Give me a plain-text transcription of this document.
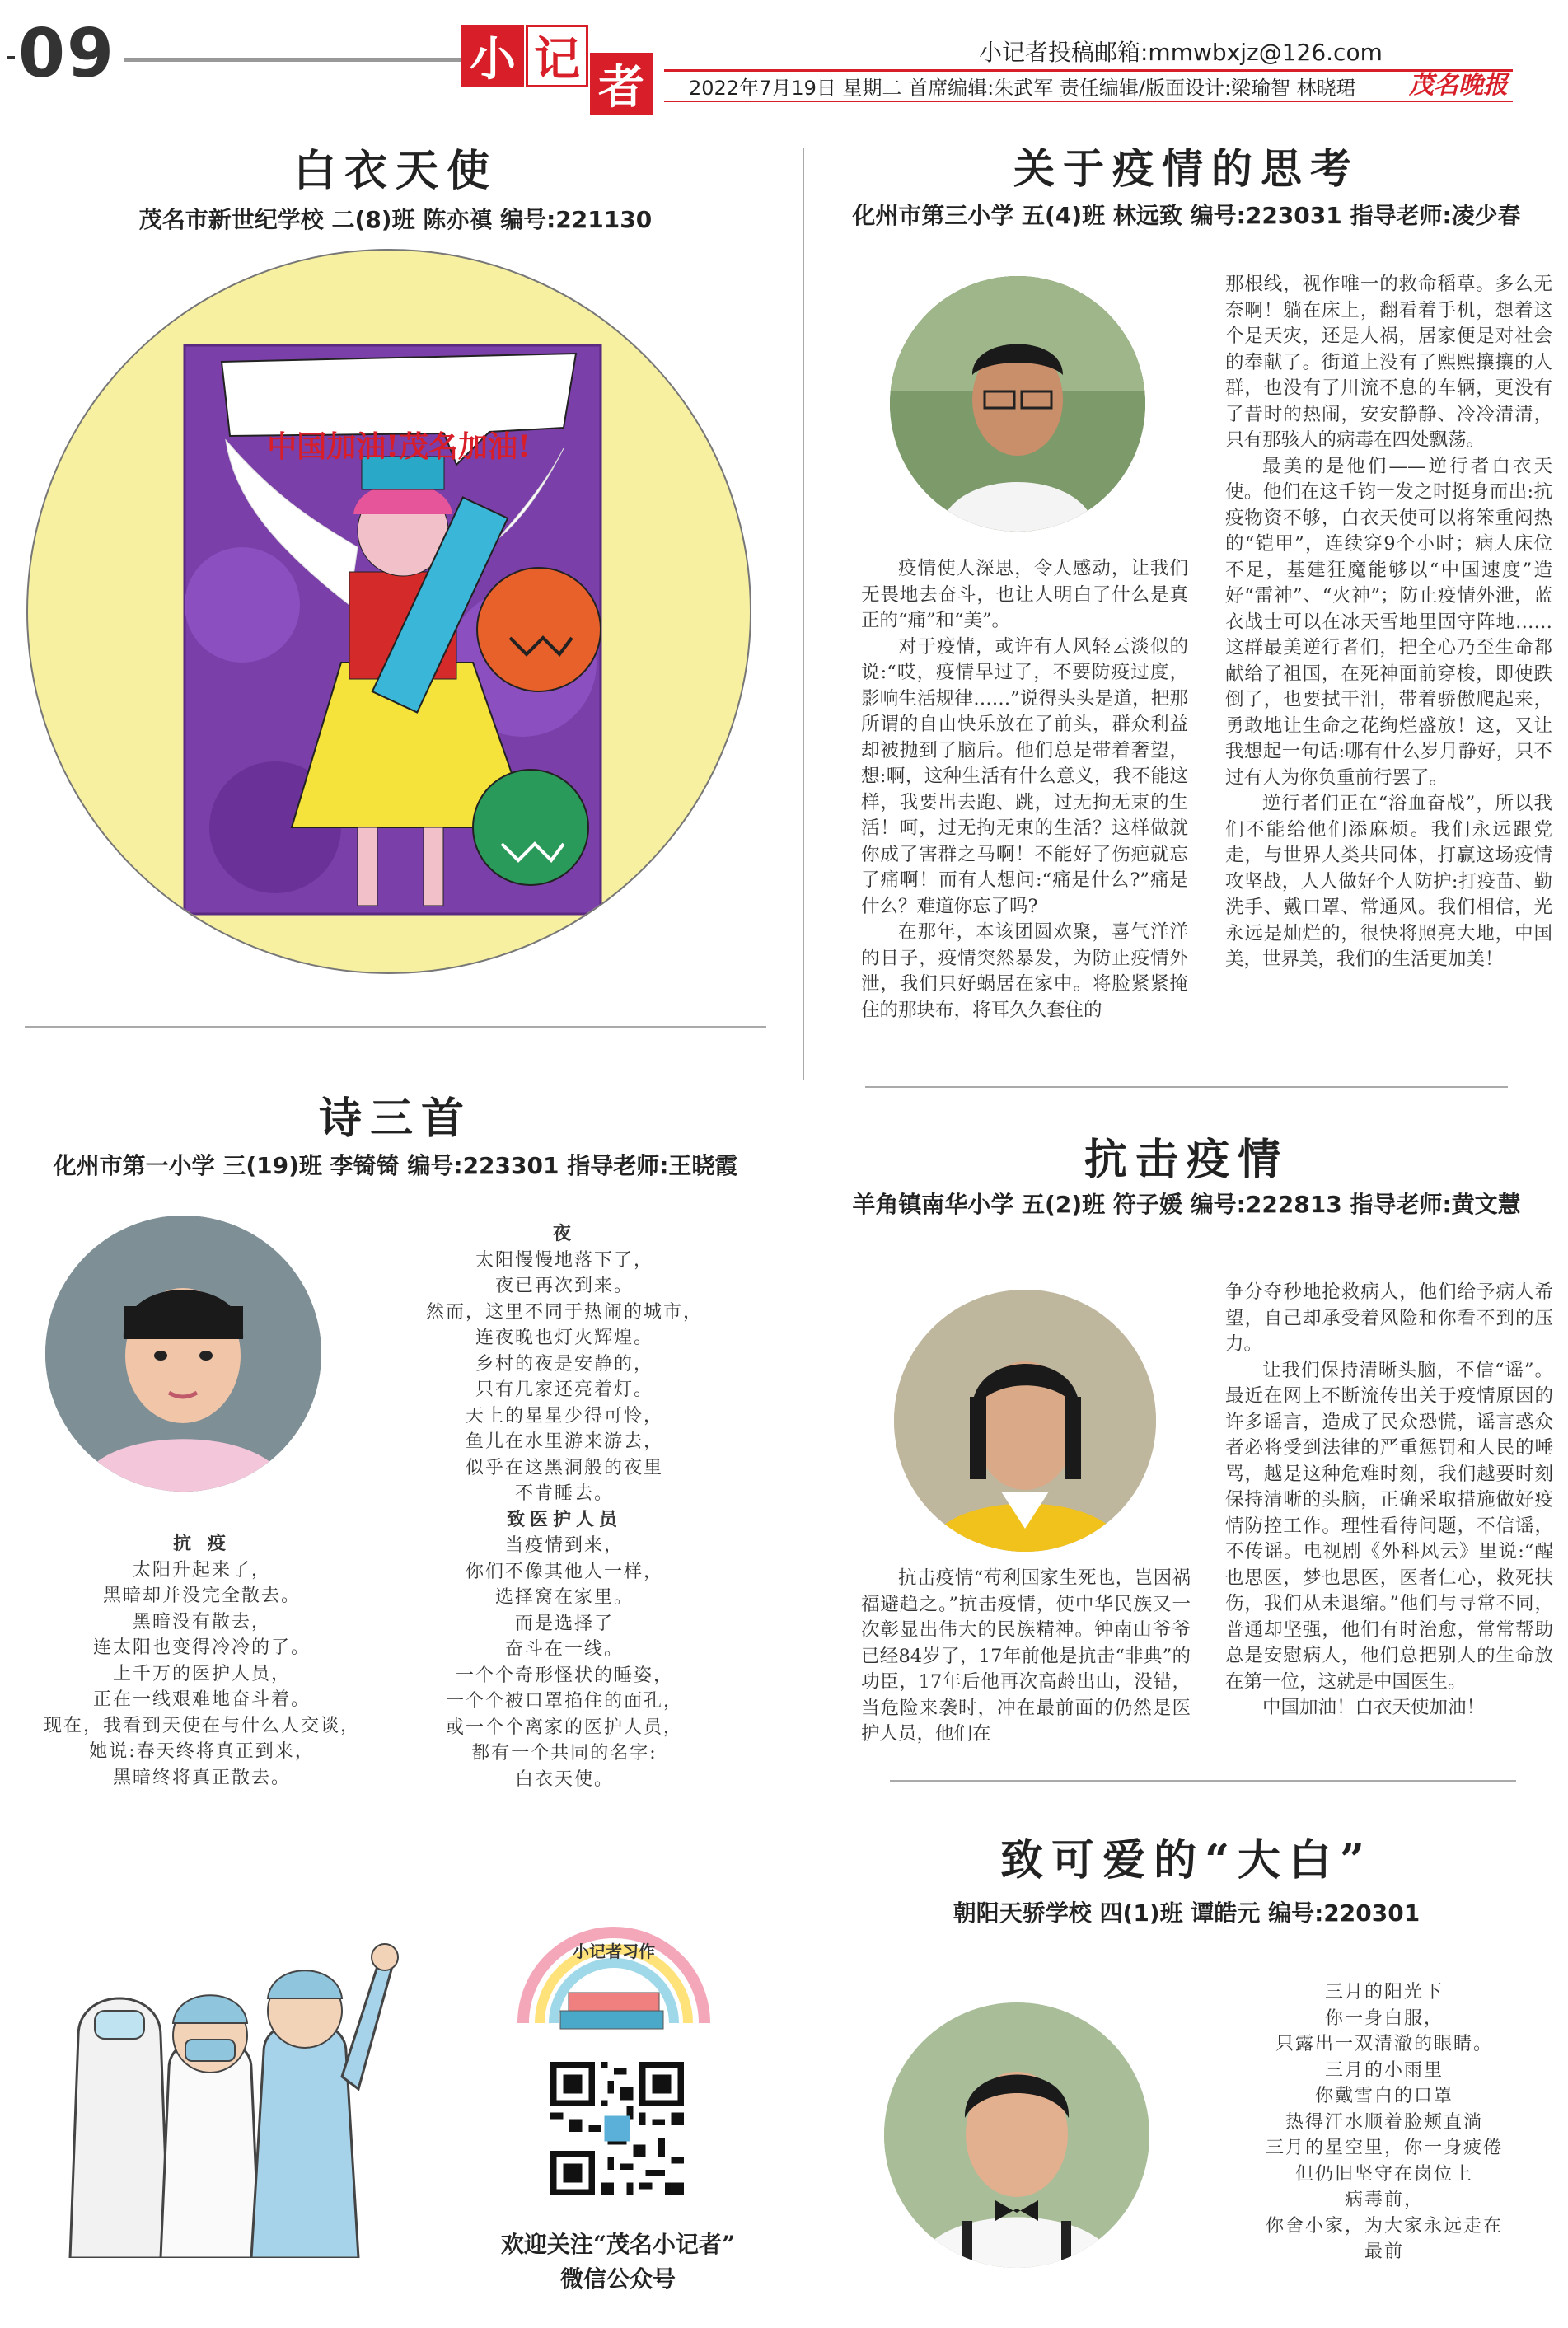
09	小 记
者
小记者投稿邮箱:mmwbxjz@126.com
2022年7月19日 星期二 首席编辑:朱武军 责任编辑/版面设计:梁瑜智 林晓珺	茂名晚报
白衣天使
茂名市新世纪学校 二(8)班 陈亦禛 编号:221130
中国加油!茂名加油!
关于疫情的思考
化州市第三小学 五(4)班 林远致 编号:223031 指导老师:凌少春

疫情使人深思，令人感动，让我们无畏地去奋斗，也让人明白了什么是真正的“痛”和“美”。

对于疫情，或许有人风轻云淡似的说:“哎，疫情早过了，不要防疫过度，影响生活规律……”说得头头是道，把那所谓的自由快乐放在了前头，群众利益却被抛到了脑后。他们总是带着奢望，想:啊，这种生活有什么意义，我不能这样，我要出去跑、跳，过无拘无束的生活！呵，过无拘无束的生活？这样做就你成了害群之马啊！不能好了伤疤就忘了痛啊！而有人想问:“痛是什么?”痛是什么？难道你忘了吗?

在那年，本该团圆欢聚，喜气洋洋的日子，疫情突然暴发，为防止疫情外泄，我们只好蜗居在家中。将脸紧紧掩住的那块布，将耳久久套住的

那根线，视作唯一的救命稻草。多么无奈啊！躺在床上，翻看着手机，想着这个是天灾，还是人祸，居家便是对社会的奉献了。街道上没有了熙熙攘攘的人群，也没有了川流不息的车辆，更没有了昔时的热闹，安安静静、冷冷清清，只有那骇人的病毒在四处飘荡。

最美的是他们——逆行者白衣天使。他们在这千钧一发之时挺身而出:抗疫物资不够，白衣天使可以将笨重闷热的“铠甲”，连续穿9个小时；病人床位不足，基建狂魔能够以“中国速度”造好“雷神”、“火神”；防止疫情外泄，蓝衣战士可以在冰天雪地里固守阵地……这群最美逆行者们，把全心乃至生命都献给了祖国，在死神面前穿梭，即使跌倒了，也要拭干泪，带着骄傲爬起来，勇敢地让生命之花绚烂盛放！这，又让我想起一句话:哪有什么岁月静好，只不过有人为你负重前行罢了。

逆行者们正在“浴血奋战”，所以我们不能给他们添麻烦。我们永远跟党走，与世界人类共同体，打赢这场疫情攻坚战，人人做好个人防护:打疫苗、勤洗手、戴口罩、常通风。我们相信，光永远是灿烂的，很快将照亮大地，中国美，世界美，我们的生活更加美！

诗三首
化州市第一小学 三(19)班 李锜锜 编号:223301 指导老师:王晓霞
抗 疫
太阳升起来了，
黑暗却并没完全散去。
黑暗没有散去，
连太阳也变得冷冷的了。
上千万的医护人员，
正在一线艰难地奋斗着。
现在，我看到天使在与什么人交谈，
她说:春天终将真正到来，
黑暗终将真正散去。
夜
太阳慢慢地落下了，
夜已再次到来。
然而，这里不同于热闹的城市，
连夜晚也灯火辉煌。
乡村的夜是安静的，
只有几家还亮着灯。
天上的星星少得可怜，
鱼儿在水里游来游去，
似乎在这黑洞般的夜里
不肯睡去。
致医护人员
当疫情到来，
你们不像其他人一样，
选择窝在家里。
而是选择了
奋斗在一线。
一个个奇形怪状的睡姿，
一个个被口罩掐住的面孔，
或一个个离家的医护人员，
都有一个共同的名字:
白衣天使。
抗击疫情
羊角镇南华小学 五(2)班 符子媛 编号:222813 指导老师:黄文慧

抗击疫情“苟利国家生死也，岂因祸福避趋之。”抗击疫情，使中华民族又一次彰显出伟大的民族精神。钟南山爷爷已经84岁了，17年前他是抗击“非典”的功臣，17年后他再次高龄出山，没错，当危险来袭时，冲在最前面的仍然是医护人员，他们在

争分夺秒地抢救病人，他们给予病人希望，自己却承受着风险和你看不到的压力。

让我们保持清晰头脑，不信“谣”。最近在网上不断流传出关于疫情原因的许多谣言，造成了民众恐慌，谣言惑众者必将受到法律的严重惩罚和人民的唾骂，越是这种危难时刻，我们越要时刻保持清晰的头脑，正确采取措施做好疫情防控工作。理性看待问题，不信谣，不传谣。电视剧《外科风云》里说:“醒也思医，梦也思医，医者仁心，救死扶伤，我们从未退缩。”他们与寻常不同，普通却坚强，他们有时治愈，常常帮助总是安慰病人，他们总把别人的生命放在第一位，这就是中国医生。

中国加油！白衣天使加油！

致可爱的“大白”
朝阳天骄学校 四(1)班 谭皓元 编号:220301
三月的阳光下
你一身白服，
只露出一双清澈的眼睛。
三月的小雨里
你戴雪白的口罩
热得汗水顺着脸颊直淌
三月的星空里，你一身疲倦
但仍旧坚守在岗位上
病毒前，
你舍小家，为大家永远走在
最前
小记者习作
欢迎关注“茂名小记者”
微信公众号
